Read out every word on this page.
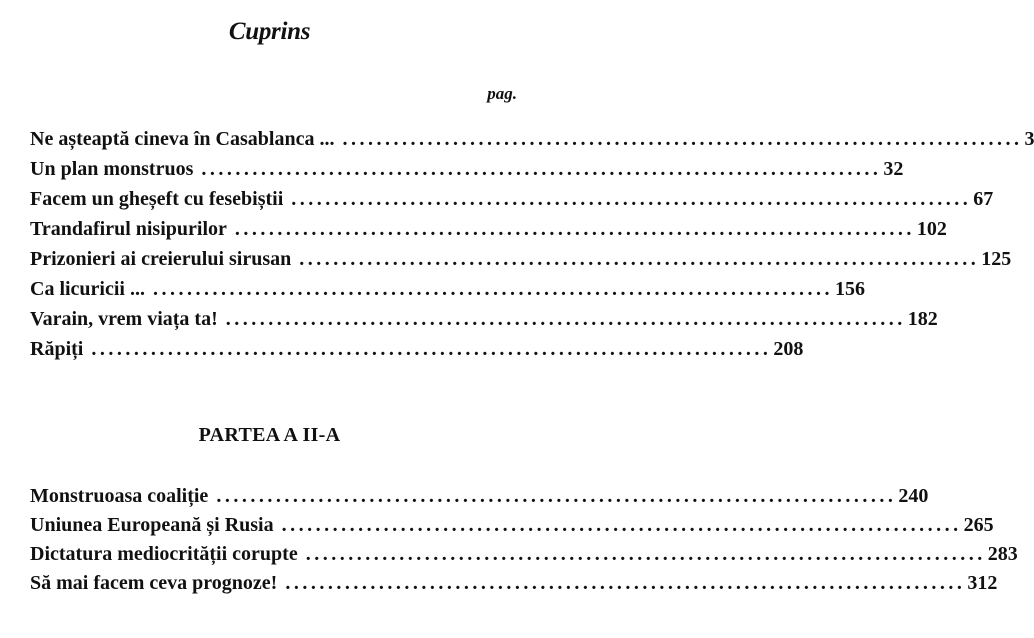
Cuprins
pag.
Ne așteaptă cineva în Casablanca ... ................................................................................ 3
Un plan monstruos ................................................................................ 32
Facem un gheșeft cu fesebiștii ................................................................................ 67
Trandafirul nisipurilor ................................................................................ 102
Prizonieri ai creierului sirusan ................................................................................ 125
Ca licuricii ... ................................................................................ 156
Varain, vrem viața ta! ................................................................................ 182
Răpiți ................................................................................ 208
PARTEA A II-A
Monstruoasa coaliție ................................................................................ 240
Uniunea Europeană și Rusia ................................................................................ 265
Dictatura mediocrității corupte ................................................................................ 283
Să mai facem ceva prognoze! ................................................................................ 312
